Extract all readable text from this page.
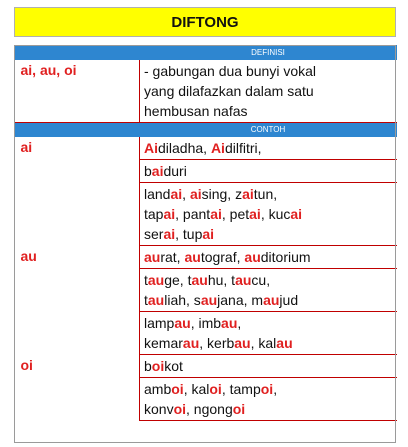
DIFTONG
	DEFINISI
ai, au, oi	- gabungan dua bunyi vokal
yang dilafazkan dalam satu
hembusan nafas

	CONTOH
ai	Aidiladha, Aidilfitri,

	baiduri

	landai, aising, zaitun,
tapai, pantai, petai, kucai
serai, tupai

au	aurat, autograf, auditorium

	tauge, tauhu, taucu,
tauliah, saujana, maujud

	lampau, imbau,
kemarau, kerbau, kalau

oi	boikot

	amboi, kaloi, tampoi,
konvoi, ngongoi
